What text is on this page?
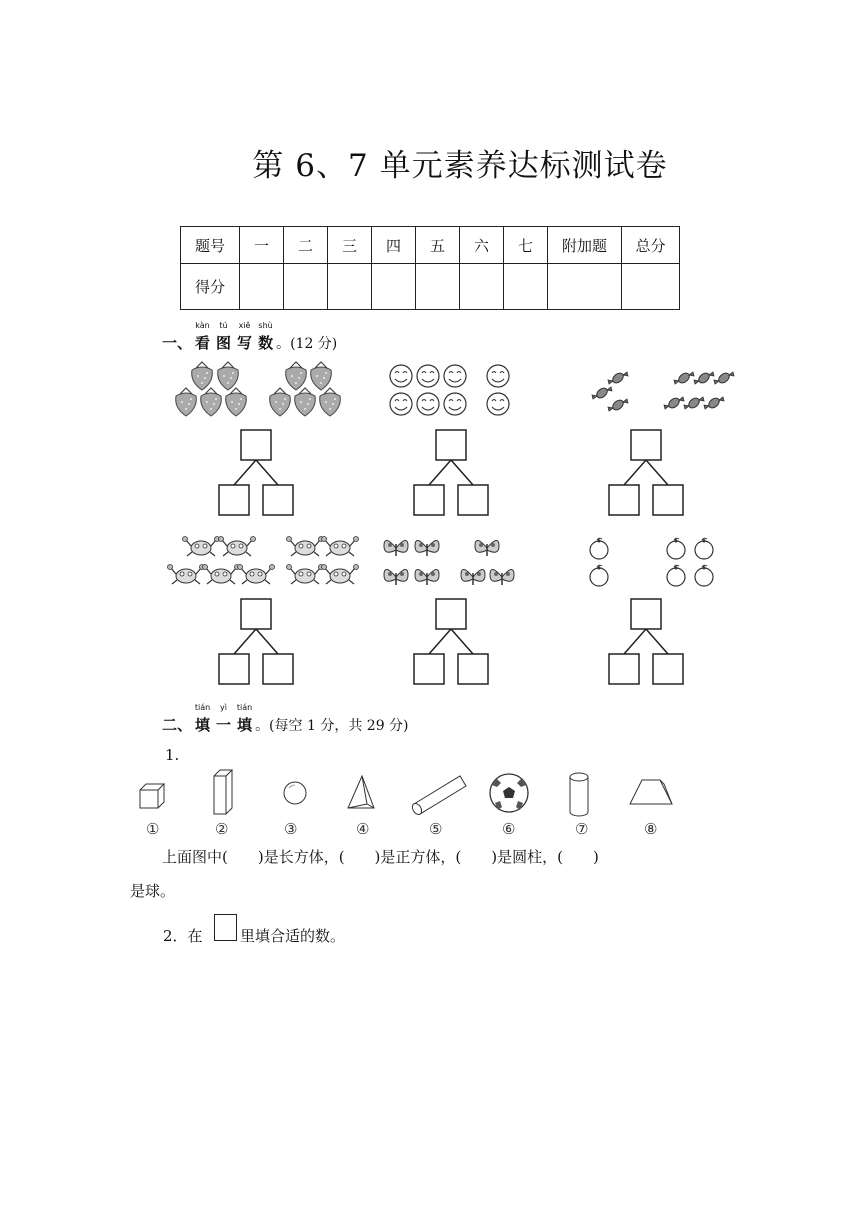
第 6、7 单元素养达标测试卷
题号	一	二	三	四	五	六	七	附加题	总分
得分									
一、
kàn
看
tú
图
xiě
写
shù
数 。(12 分)
二、
tián
填
yì
一
tián
填 。(每空 1 分，共 29 分)
1.
①	②	③	④	⑤	⑥	⑦	⑧
上面图中(　　)是长方体，(　　)是正方体，(　　)是圆柱，(　　)
是球。
2．在 里填合适的数。
